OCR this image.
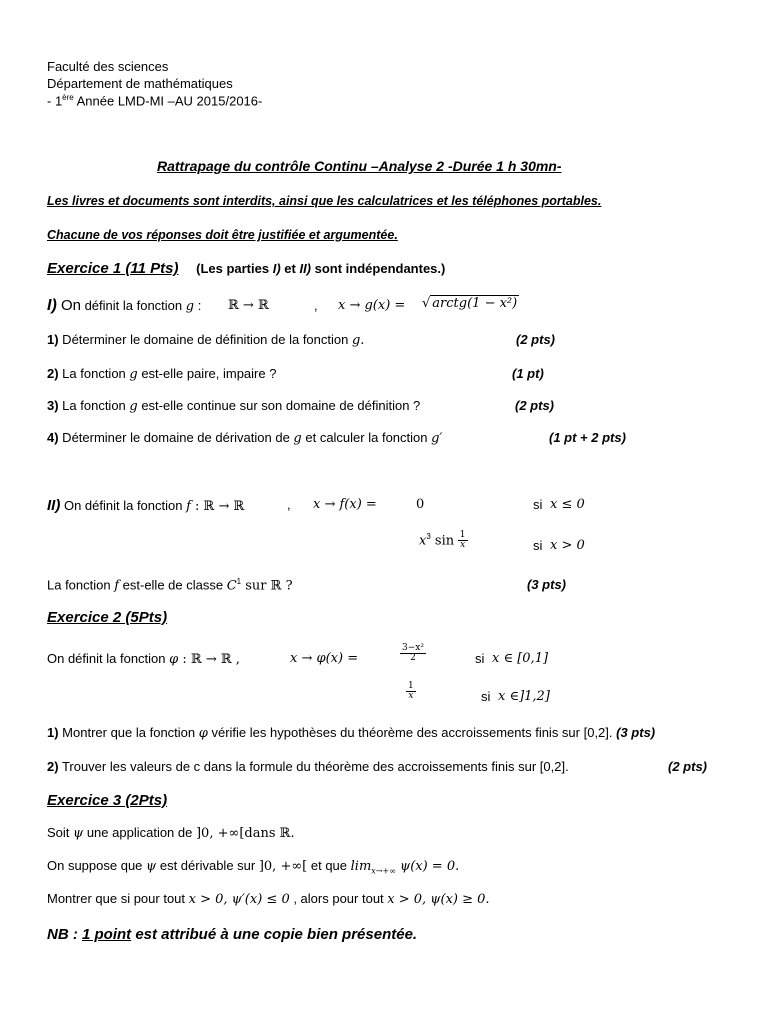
Faculté des sciences
Département de mathématiques
- 1ère Année LMD-MI –AU 2015/2016-
Rattrapage du contrôle Continu –Analyse 2 -Durée 1 h 30mn-
Les livres et documents sont interdits, ainsi que les calculatrices et les téléphones portables.
Chacune de vos réponses doit être justifiée et argumentée.
Exercice 1 (11 Pts) (Les parties I) et II) sont indépendantes.)
I) On définit la fonction g : ℝ → ℝ	, x → g(x) = √ arctg(1 − x²)
1) Déterminer le domaine de définition de la fonction g.	(2 pts)
2) La fonction g est-elle paire, impaire ?	(1 pt)
3) La fonction g est-elle continue sur son domaine de définition ?	(2 pts)
4) Déterminer le domaine de dérivation de g et calculer la fonction g′	(1 pt + 2 pts)
II) On définit la fonction f : ℝ → ℝ	, x → f(x) =	0	si x ≤ 0
$x^3$ $\sin \frac{1}{x}$	si x > 0
La fonction f est-elle de classe $C^1$ sur ℝ ?	(3 pts)
Exercice 2 (5Pts)
On définit la fonction φ : ℝ → ℝ ,	x → φ(x) =	$\frac{\text{3−x²}}{2}$	si x ∈ [0,1]
$\frac{1}{x}$	si x ∈]1,2]
1) Montrer que la fonction φ vérifie les hypothèses du théorème des accroissements finis sur [0,2]. (3 pts)
2) Trouver les valeurs de c dans la formule du théorème des accroissements finis sur [0,2].	(2 pts)
Exercice 3 (2Pts)
Soit ψ une application de ]0, +∞[dans ℝ.
On suppose que ψ est dérivable sur ]0, +∞[ et que $\lim_{x\to+\infty} \psi(x) = 0$.
Montrer que si pour tout x > 0, ψ′(x) ≤ 0 , alors pour tout x > 0, ψ(x) ≥ 0.
NB : 1 point est attribué à une copie bien présentée.
